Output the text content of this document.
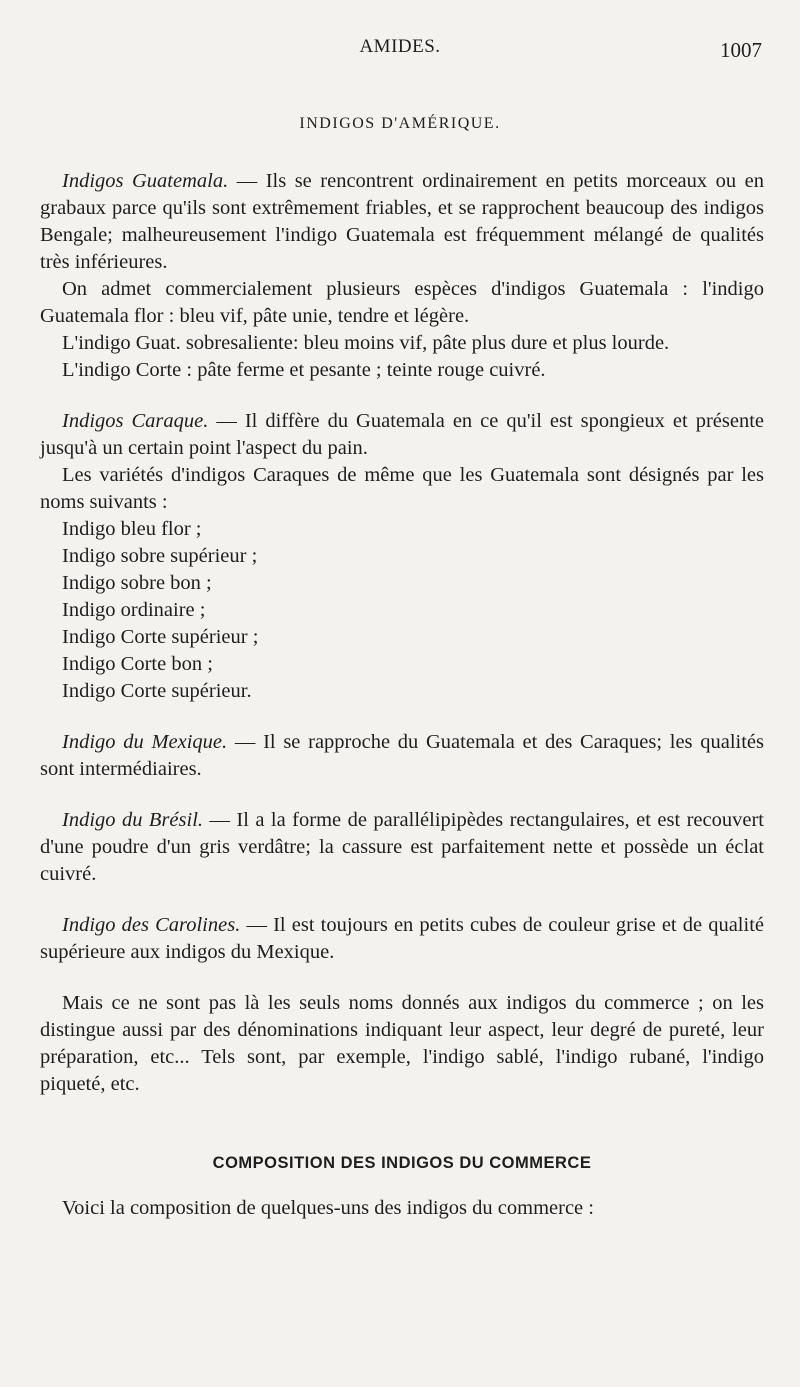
AMIDES.	1007
INDIGOS D'AMÉRIQUE.

Indigos Guatemala. — Ils se rencontrent ordinairement en petits morceaux ou en grabaux parce qu'ils sont extrêmement friables, et se rapprochent beaucoup des indigos Bengale; malheureusement l'indigo Guatemala est fréquemment mélangé de qualités très inférieures.

On admet commercialement plusieurs espèces d'indigos Guatemala : l'indigo Guatemala flor : bleu vif, pâte unie, tendre et légère.

L'indigo Guat. sobresaliente: bleu moins vif, pâte plus dure et plus lourde.

L'indigo Corte : pâte ferme et pesante ; teinte rouge cuivré.

Indigos Caraque. — Il diffère du Guatemala en ce qu'il est spongieux et présente jusqu'à un certain point l'aspect du pain.

Les variétés d'indigos Caraques de même que les Guatemala sont désignés par les noms suivants :

Indigo bleu flor ;
Indigo sobre supérieur ;
Indigo sobre bon ;
Indigo ordinaire ;
Indigo Corte supérieur ;
Indigo Corte bon ;
Indigo Corte supérieur.

Indigo du Mexique. — Il se rapproche du Guatemala et des Caraques; les qualités sont intermédiaires.

Indigo du Brésil. — Il a la forme de parallélipipèdes rectangulaires, et est recouvert d'une poudre d'un gris verdâtre; la cassure est parfaitement nette et possède un éclat cuivré.

Indigo des Carolines. — Il est toujours en petits cubes de couleur grise et de qualité supérieure aux indigos du Mexique.

Mais ce ne sont pas là les seuls noms donnés aux indigos du commerce ; on les distingue aussi par des dénominations indiquant leur aspect, leur degré de pureté, leur préparation, etc... Tels sont, par exemple, l'indigo sablé, l'indigo rubané, l'indigo piqueté, etc.

COMPOSITION DES INDIGOS DU COMMERCE

Voici la composition de quelques-uns des indigos du commerce :
